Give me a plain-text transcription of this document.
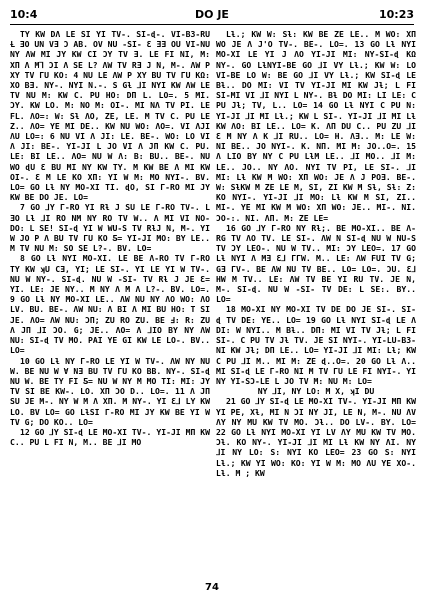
10:4	DO JE	10:23

TY KW DΛ LE SI YI TV-. SI-ɖ-. VI-B3-RU Ƚ ƎO UN VƎ Ɔ AB. OV NU -SI- Ɛ ƎƎ OU VI-NU NY ΛW MI JY KW CI ƆY TV Ǝ. LE FI NI, M: XΠ Λ M⅂ ƆI Λ SE L? ΛW TV RƎ J N, M-. ΛW P XY TV ΓU KO: 4 NU LE ΛW P XY BU TV ΓU KΩ: XΟ BƎ. NY-. NYI N.-. S Gƚ ⅃I NYI KW ΛW LE TV NU M: KW C. PU HO: DΠ L. LO=. 5 MI. ƆY. KW LO. M: NO M: OI-. MI NΛ TV PI. LE FL. ΛO=: W: Sƚ ΛO, ZE, LE. M TV C. PU LE Z.. ΛO= YE MI DE.. KW NU WO: ΛO=. VI ΛJI ΛU LO=: 6 NU VI Λ JI: LE. BE-. WO: LO VI Λ JI: BE-. YI-JI L JO VI Λ JΠ KW C. PU. LE: BI LE.. ΛO= NU W Λ: B: BU.. BE-. NU WO ɖU Ɛ BU MI NY KW TY. M KW BE Λ MI KW OI-. Ɛ M LE KO XΠ: YI W M: MO NYI-. BV. LO= GO Lƚ NY MO-XI TI. ɖO, SI Γ-RO MI JY KW BE DO JE. LO=

7 GO ⅃Y Γ-RO YI Rƚ J SU LE Γ-RO TV-. L ƎO Lƚ ⅃I RO NM NY RO TV W.. Λ MI VI NO-DO: L SE! SI-ɖ YI W WU-S TV RƚJ N, M-. YI W JO P Λ BU TV ΓU KO Ƽ= YI-JI MO: BY LE.. M TV NU M: SO SE L?-. BV. LO=

8 GO Lƚ NYI MO-XI. LE BE Λ-RO TV Γ-RO TY KW ʞU CƎ, YI; LE SI-. YI LE YI W TV-. NU W NY-. SI-ɖ. NU W -SI- TV Rƚ J JE Ɛ= YI. LE: JE NY.. M NY Λ M Λ L?-. BV. LO=. 9 GO Lƚ NY MO-XI LE.. ΛW NU NY ΛO WO: ΛO LV. BU. BE-. ΛW NU: Λ BI Λ MI BU HO: T SI JE. ΛO= ΛW NU: ƆΠ; ZU RO ZU. BE Ⅎ: R: ZU Λ JΠ ⅃I ƆO. G; JE.. ΛO= Λ ⅃IO BY NY ΛW NU: SI-ɖ TV MO. PAI YE GI KW LE LO-. BV.. LO=

10 GO Lƚ NY Γ-RO LE YI W TV-. ΛW NY NU W. BE NU W Ɐ NƎ BU TV ΓU KO BB. NY-. SI-ɖ NU W. BE TY FI Ƽ= NU W NY M MO TI: MI: JY TV SI BE KW-. LO. XΠ ƆO D.. LO=. 11 Λ JΠ SU JE M-. NY W M Λ XΠ. M NY-. YI Ɛ⅃ LY KW LO. BV LO= GO LƚSI Γ-RO MI JY KW BE YI W TV G; DO KO.. LO=

12 GO ⅃Y SI-ɖ LE MO-XI TV-. YI-JI MΠ KW C.. PU L FI N, M.. BE ⅃I MO

Lƚ.; KW W: Sƚ: KW BE ZE LE.. M WO: XΠ WO JE Λ J'O TV-. BE-. LO=. 13 GO Lƚ NYI MO-XI LE YI J ΛO YI-JI MI: NY-SI-ɖ KΩ NY-. GO LƚNYI-BE GO ⅃I VY Lƚ.; KW W: LO VI-BE LO W: BE GO ⅃I VY Lƚ.; KW SI-ɖ LE Bƚ.. DO MI: VI TV YI-JI MI KW Jƚ; L FI SI-MI VI ⅃I NYI L NY-. Bƚ DO MI: LI LE: C PU Jƚ; TV, L.. LO= 14 GO Lƚ NYI C PU N: YI-JI ⅃I MI Lƚ.; KW L SI-. YI-JI ⅃I MI Lƚ KW ΛO: BI LE.. LO= K. ΛΠ DU C.. PU ZU ⅃I Ɛ M NY Λ K ⅃I RU.. LO= H. ΛƎ.. M: LE W: NI BE.. JO NYI-. K. NΠ. MI M: JO..O=. 15 Λ LIO BY NY C PU LƚM LE.. ⅃I MO.. ⅃I M: LE.. JO.. NY ΛO. NYI TV PI, LE SI-. ⅃I MI: Lƚ KW M WO: XΠ WO: JE Λ J POƎ. BE-. W: SƚKW M ZE LE M, SI, ZI KW M Sƚ, Sƚ: Z: KO NYI-. YI-JI ⅃I MO: Lƚ KW M SI, ZI.. MI-. YE MI KW M WO: XΠ WO: JE.. MI-. NI. ƆO-:. NI. ΛΠ. M: ZE LE=

16 GO ⅃Y Γ-RO NY Rƚ;. BE MO-XI.. BE Λ-RG TV ΛO TV. LE SI-. ΛW N SI-ɖ NU W NU-S TV ƆY LEO-. NU W TV.. MI: ƆY LEO=. 17 GO Lƚ NYI Λ MƎ Ɛ⅃ ΓΓW. M.. LE: ΛW FUI TV G; GƎ ΓV-. BE ΛW NU TV BE.. LO= LO=. ƆU. Ɛ⅃ HW M TV.. LE: ΛW TV BE YI RU TV. JE N, M-. SI-ɖ. NU W -SI- TV DE: L SE:. BY.. LO=

18 MO-XI NY MO-XI TV DE DO JE SI-. SI-ɖ TV DE: YE.. LO= 19 GO Lƚ NYI SI-ɖ LE Λ DI: W NYI.. M Bƚ.. DΠ: MI VI TV Jƚ; L FI SI-. C PU TV Jƚ TV. JE SI NYI-. YI-LU-B3-NI KW Jƚ; DΠ LE.. LO= YI-JI ⅃I MI: Lƚ; KW C PU ⅃I M.. MI M: ZE ɖ..O=. 20 GO Lƚ Λ.. MI SI-ɖ LE Γ-RO NI M TV ΓU LE FI NYI-. YI NY YI-SƆ-LE L JO TV M: NU M: LO=

NY ⅃I, NY LO: M X, ʞI DU

21 GO ⅃Y SI-ɖ LE MO-XI TV-. YI-JI MΠ KW YI PE, Xƚ, MI N ƆI NY JI, LE N, M-. NU ΛV ΛY NY MU KW TV MO. Ɔƚ.. DO LV-. BY. LO= 22 GO Lƚ NYI MO-XI YI LV ΛY MU KW TV MO. Ɔƚ. KO NY-. YI-JI ⅃I MI Lƚ KW NY ΛI. NY ⅃I NY LO: S: NYI KO LEO= 23 GO S: NYI Lƚ.; KW YI WO: KO: YI W M: MO ΛU YE XO-. Lƚ. M ; KW

74
